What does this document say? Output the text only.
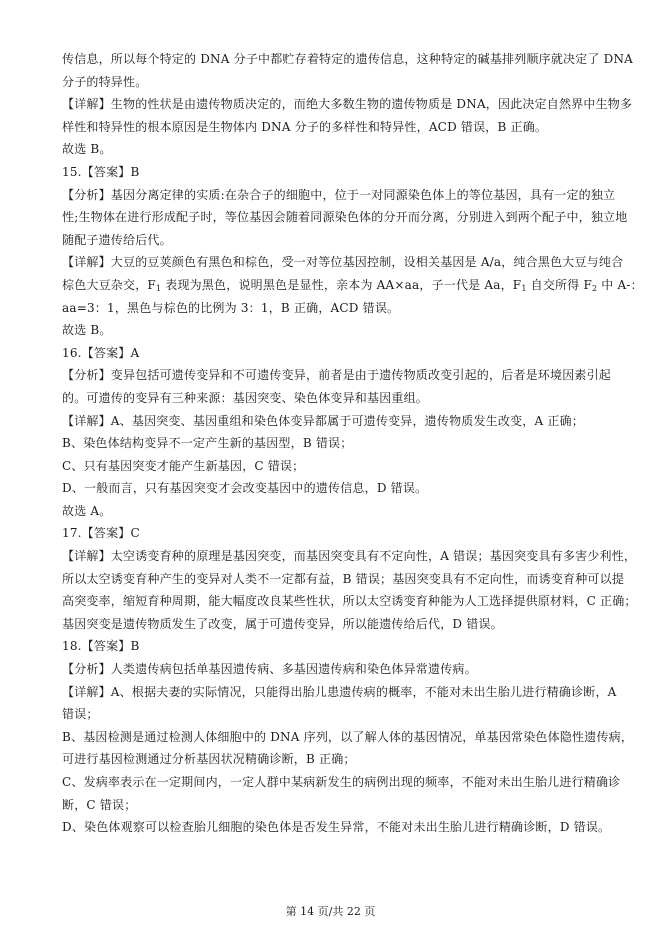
传信息，所以每个特定的 DNA 分子中都贮存着特定的遗传信息，这种特定的碱基排列顺序就决定了 DNA
分子的特异性。
【详解】生物的性状是由遗传物质决定的，而绝大多数生物的遗传物质是 DNA，因此决定自然界中生物多
样性和特异性的根本原因是生物体内 DNA 分子的多样性和特异性，ACD 错误，B 正确。
故选 B。
15.【答案】B
【分析】基因分离定律的实质:在杂合子的细胞中，位于一对同源染色体上的等位基因，具有一定的独立
性;生物体在进行形成配子时，等位基因会随着同源染色体的分开而分离，分别进入到两个配子中，独立地
随配子遗传给后代。
【详解】大豆的豆荚颜色有黑色和棕色，受一对等位基因控制，设相关基因是 A/a，纯合黑色大豆与纯合
棕色大豆杂交，$F_1$ 表现为黑色，说明黑色是显性，亲本为 AA×aa，子一代是 Aa，$F_1$ 自交所得 $F_2$ 中 A-：
aa=3：1，黑色与棕色的比例为 3：1，B 正确，ACD 错误。
故选 B。
16.【答案】A
【分析】变异包括可遗传变异和不可遗传变异，前者是由于遗传物质改变引起的，后者是环境因素引起
的。可遗传的变异有三种来源：基因突变、染色体变异和基因重组。
【详解】A、基因突变、基因重组和染色体变异都属于可遗传变异，遗传物质发生改变，A 正确；
B、染色体结构变异不一定产生新的基因型，B 错误；
C、只有基因突变才能产生新基因，C 错误；
D、一般而言，只有基因突变才会改变基因中的遗传信息，D 错误。
故选 A。
17.【答案】C
【详解】太空诱变育种的原理是基因突变，而基因突变具有不定向性，A 错误；基因突变具有多害少利性，
所以太空诱变育种产生的变异对人类不一定都有益，B 错误；基因突变具有不定向性，而诱变育种可以提
高突变率，缩短育种周期，能大幅度改良某些性状，所以太空诱变育种能为人工选择提供原材料，C 正确；
基因突变是遗传物质发生了改变，属于可遗传变异，所以能遗传给后代，D 错误。
18.【答案】B
【分析】人类遗传病包括单基因遗传病、多基因遗传病和染色体异常遗传病。
【详解】A、根据夫妻的实际情况，只能得出胎儿患遗传病的概率，不能对未出生胎儿进行精确诊断，A
错误；
B、基因检测是通过检测人体细胞中的 DNA 序列，以了解人体的基因情况，单基因常染色体隐性遗传病，
可进行基因检测通过分析基因状况精确诊断，B 正确；
C、发病率表示在一定期间内，一定人群中某病新发生的病例出现的频率，不能对未出生胎儿进行精确诊
断，C 错误；
D、染色体观察可以检查胎儿细胞的染色体是否发生异常，不能对未出生胎儿进行精确诊断，D 错误。
第 14 页/共 22 页
